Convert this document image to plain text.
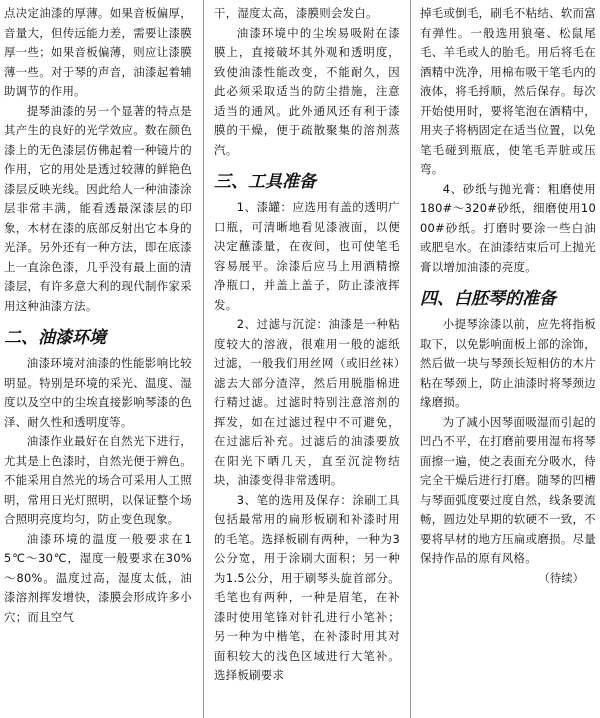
点决定油漆的厚薄。如果音板偏厚，音量大，但传远能力差，需要让漆膜厚一些；如果音板偏薄，则应让漆膜薄一些。对于琴的声音，油漆起着辅助调节的作用。

提琴油漆的另一个显著的特点是其产生的良好的光学效应。数在颜色漆上的无色漆层仿佛起着一种镜片的作用，它的用处是透过较薄的鲜艳色漆层反映光线。因此给人一种油漆涂层非常丰满，能看透最深漆层的印象，木材在漆的底部反射出它本身的光泽。另外还有一种方法，即在底漆上一直涂色漆，几乎没有最上面的清漆层，有许多意大利的现代制作家采用这种油漆方法。

二、油漆环境

油漆环境对油漆的性能影响比较明显。特别是环境的采光、温度、湿度以及空中的尘埃直接影响琴漆的色泽、耐久性和透明度等。

油漆作业最好在自然光下进行，尤其是上色漆时，自然光便于辨色。不能采用自然光的场合可采用人工照明，常用日光灯照明，以保证整个场合照明亮度均匀，防止变色现象。

油漆环境的温度一般要求在15℃～30℃，湿度一般要求在30%～80%。温度过高，湿度太低，油漆溶剂挥发增快，漆膜会形成许多小穴；而且空气

干，湿度太高，漆膜则会发白。

油漆环境中的尘埃易吸附在漆膜上，直接破坏其外观和透明度，致使油漆性能改变，不能耐久，因此必须采取适当的防尘措施，注意适当的通风。此外通风还有利于漆膜的干燥，便于疏散聚集的溶剂蒸汽。

三、工具准备

1、漆罐：应选用有盖的透明广口瓶，可清晰地看见漆液面，以便决定蘸漆量，在夜间，也可使笔毛容易展平。涂漆后应马上用酒精擦净瓶口，并盖上盖子，防止漆液挥发。

2、过滤与沉淀：油漆是一种粘度较大的溶液，很难用一般的滤纸过滤，一般我们用丝网（或旧丝袜）滤去大部分渣滓，然后用脱脂棉进行精过滤。过滤时特别注意溶剂的挥发，如在过滤过程中不可避免，在过滤后补充。过滤后的油漆要放在阳光下晒几天，直至沉淀物结块，油漆变得非常透明。

3、笔的选用及保存：涂刷工具包括最常用的扁形板刷和补漆时用的毛笔。选择板刷有两种，一种为3公分宽，用于涂刷大面积；另一种为1.5公分，用于刷琴头旋首部分。毛笔也有两种，一种是眉笔，在补漆时使用笔锋对针孔进行小笔补；另一种为中楷笔，在补漆时用其对面积较大的浅色区域进行大笔补。选择板刷要求

掉毛或倒毛，刷毛不粘结、软而富有弹性。一般选用狼毫、松鼠尾毛、羊毛或人的胎毛。用后将毛在酒精中洗净，用棉布吸干笔毛内的液体，将毛捋顺，然后保存。每次开始使用时，要将笔泡在酒精中，用夹子将柄固定在适当位置，以免笔毛碰到瓶底，使笔毛弄脏或压弯。

4、砂纸与抛光膏：粗磨使用180#～320#砂纸，细磨使用1000#砂纸。打磨时要涂一些白油或肥皂水。在油漆结束后可上抛光膏以增加油漆的亮度。

四、白胚琴的准备

小提琴涂漆以前，应先将指板取下，以免影响面板上部的涂饰，然后做一块与琴颈长短相仿的木片粘在琴颈上，防止油漆时将琴颈边缘磨损。

为了减小因琴面吸湿而引起的凹凸不平，在打磨前要用湿布将琴面擦一遍，使之表面充分吸水，待完全干燥后进行打磨。随琴的凹槽与琴面弧度要过度自然，线条要流畅，圆边处早期的软硬不一致，不要将早材的地方压扁或磨损。尽量保持作品的原有风格。

（待续）
